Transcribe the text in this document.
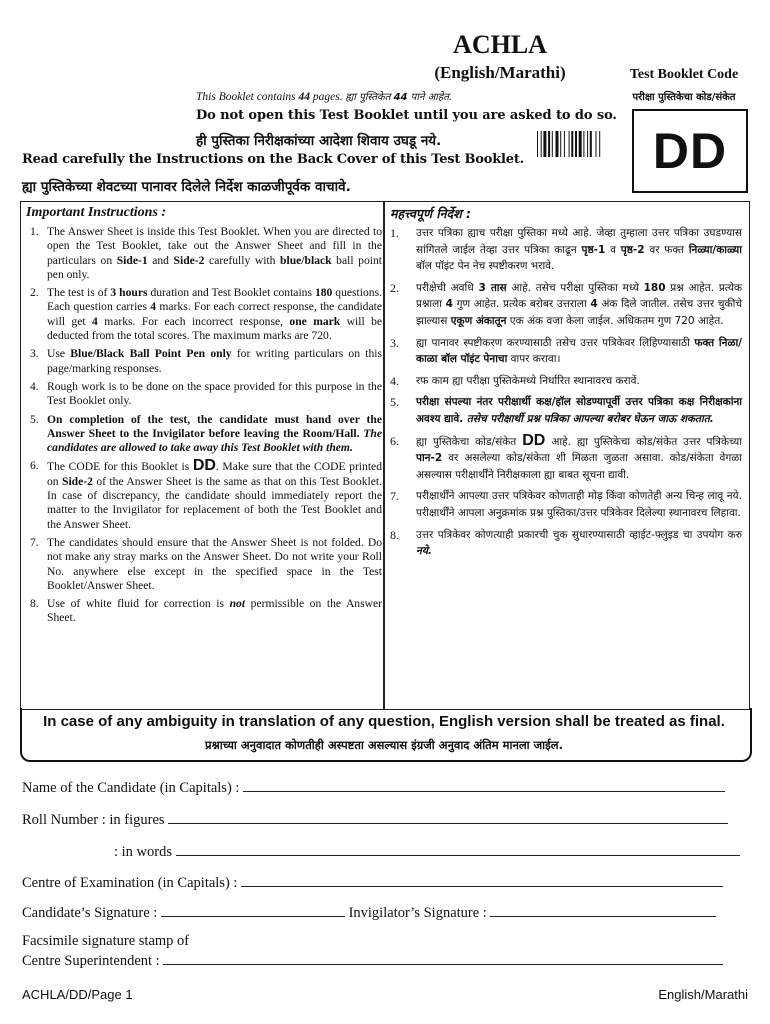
ACHLA
(English/Marathi)	Test Booklet Code
परीक्षा पुस्तिकेचा कोड/संकेत
DD
This Booklet contains 44 pages. ह्या पुस्तिकेत 44 पाने आहेत.
Do not open this Test Booklet until you are asked to do so.
ही पुस्तिका निरीक्षकांच्या आदेशा शिवाय उघडू नये.
Read carefully the Instructions on the Back Cover of this Test Booklet.
ह्या पुस्तिकेच्या शेवटच्या पानावर दिलेले निर्देश काळजीपूर्वक वाचावे.
Important Instructions :	महत्त्वपूर्ण निर्देश :
1. The Answer Sheet is inside this Test Booklet. When you are directed to open the Test Booklet, take out the Answer Sheet and fill in the particulars on Side-1 and Side-2 carefully with blue/black ball point pen only.
2. The test is of 3 hours duration and Test Booklet contains 180 questions. Each question carries 4 marks. For each correct response, the candidate will get 4 marks. For each incorrect response, one mark will be deducted from the total scores. The maximum marks are 720.
3. Use Blue/Black Ball Point Pen only for writing particulars on this page/marking responses.
4. Rough work is to be done on the space provided for this purpose in the Test Booklet only.
5. On completion of the test, the candidate must hand over the Answer Sheet to the Invigilator before leaving the Room/Hall. The candidates are allowed to take away this Test Booklet with them.
6. The CODE for this Booklet is DD. Make sure that the CODE printed on Side-2 of the Answer Sheet is the same as that on this Test Booklet. In case of discrepancy, the candidate should immediately report the matter to the Invigilator for replacement of both the Test Booklet and the Answer Sheet.
7. The candidates should ensure that the Answer Sheet is not folded. Do not make any stray marks on the Answer Sheet. Do not write your Roll No. anywhere else except in the specified space in the Test Booklet/Answer Sheet.
8. Use of white fluid for correction is not permissible on the Answer Sheet.
1. उत्तर पत्रिका ह्याच परीक्षा पुस्तिका मध्ये आहे. जेव्हा तुम्हाला उत्तर पत्रिका उघडण्यास सांगितले जाईल तेव्हा उत्तर पत्रिका काढून पृष्ठ-1 व पृष्ठ-2 वर फक्त निळ्या/काळ्या बॉल पॉइंट पेन नेच स्पष्टीकरण भरावे.
2. परीक्षेची अवधि 3 तास आहे. तसेच परीक्षा पुस्तिका मध्ये 180 प्रश्न आहेत. प्रत्येक प्रश्नाला 4 गुण आहेत. प्रत्येक बरोबर उत्तराला 4 अंक दिले जातील. तसेच उत्तर चुकीचे झाल्यास एकूण अंकातून एक अंक वजा केला जाईल. अधिकतम गुण 720 आहेत.
3. ह्या पानावर स्पष्टीकरण करण्यासाठी तसेच उत्तर पत्रिकेवर लिहिण्यासाठी फक्त निळा/काळा बॉल पॉइंट पेनाचा वापर करावा।
4. रफ काम ह्या परीक्षा पुस्तिकेमध्ये निर्धारित स्थानावरच करावें.
5. परीक्षा संपल्या नंतर परीक्षार्थी कक्ष/हॉल सोडण्यापूर्वी उत्तर पत्रिका कक्ष निरीक्षकांना अवश्य द्यावे. तसेच परीक्षार्थी प्रश्न पत्रिका आपल्या बरोबर घेऊन जाऊ शकतात.
6. ह्या पुस्तिकेचा कोड/संकेत DD आहे. ह्या पुस्तिकेचा कोड/संकेत उत्तर पत्रिकेच्या पान-2 वर असलेल्या कोड/संकेता शी मिळता जुळता असावा. कोड/संकेता वेगळा असल्यास परीक्षार्थींने निरीक्षकाला ह्या बाबत सूचना द्यावी.
7. परीक्षार्थींने आपल्या उत्तर पत्रिकेवर कोणताही मोड़ किंवा कोणतेही अन्य चिन्ह लावू नये. परीक्षार्थींने आपला अनुक्रमांक प्रश्न पुस्तिका/उत्तर पत्रिकेवर दिलेल्या स्थानावरच लिहावा.
8. उत्तर पत्रिकेवर कोणत्याही प्रकारची चुक सुधारण्यासाठी व्हाईट-फ्लुइड चा उपयोग करु नये.
In case of any ambiguity in translation of any question, English version shall be treated as final.
प्रश्नाच्या अनुवादात कोणतीही अस्पष्टता असल्यास इंग्रजी अनुवाद अंतिम मानला जाईल.
Name of the Candidate (in Capitals) :
Roll Number : in figures
: in words
Centre of Examination (in Capitals) :
Candidate’s Signature :	Invigilator’s Signature :
Facsimile signature stamp of
Centre Superintendent :
ACHLA/DD/Page 1	English/Marathi
